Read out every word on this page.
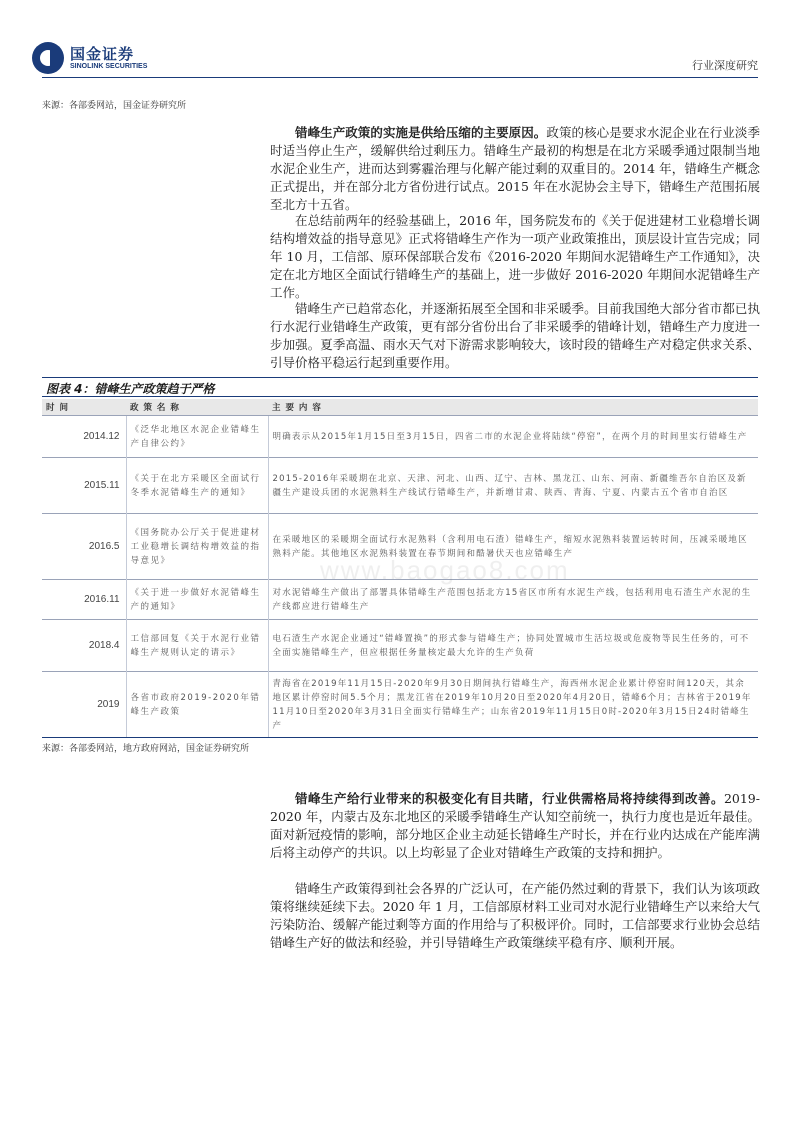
国金证券
SINOLINK SECURITIES	行业深度研究
来源：各部委网站，国金证券研究所

错峰生产政策的实施是供给压缩的主要原因。政策的核心是要求水泥企业在行业淡季时适当停止生产，缓解供给过剩压力。错峰生产最初的构想是在北方采暖季通过限制当地水泥企业生产，进而达到雾霾治理与化解产能过剩的双重目的。2014 年，错峰生产概念正式提出，并在部分北方省份进行试点。2015 年在水泥协会主导下，错峰生产范围拓展至北方十五省。

在总结前两年的经验基础上，2016 年，国务院发布的《关于促进建材工业稳增长调结构增效益的指导意见》正式将错峰生产作为一项产业政策推出，顶层设计宣告完成；同年 10 月，工信部、原环保部联合发布《2016-2020 年期间水泥错峰生产工作通知》，决定在北方地区全面试行错峰生产的基础上，进一步做好 2016-2020 年期间水泥错峰生产工作。

错峰生产已趋常态化，并逐渐拓展至全国和非采暖季。目前我国绝大部分省市都已执行水泥行业错峰生产政策，更有部分省份出台了非采暖季的错峰计划，错峰生产力度进一步加强。夏季高温、雨水天气对下游需求影响较大，该时段的错峰生产对稳定供求关系、引导价格平稳运行起到重要作用。

图表 4：错峰生产政策趋于严格
时 间	政 策 名 称	主 要 内 容
2014.12	《泛华北地区水泥企业错峰生产自律公约》	明确表示从2015年1月15日至3月15日，四省二市的水泥企业将陆续“停窑”，在两个月的时间里实行错峰生产
2015.11	《关于在北方采暖区全面试行冬季水泥错峰生产的通知》	2015-2016年采暖期在北京、天津、河北、山西、辽宁、吉林、黑龙江、山东、河南、新疆维吾尔自治区及新疆生产建设兵团的水泥熟料生产线试行错峰生产，并新增甘肃、陕西、青海、宁夏、内蒙古五个省市自治区
2016.5	《国务院办公厅关于促进建材工业稳增长调结构增效益的指导意见》	在采暖地区的采暖期全面试行水泥熟料（含利用电石渣）错峰生产，缩短水泥熟料装置运转时间，压减采暖地区熟料产能。其他地区水泥熟料装置在春节期间和酷暑伏天也应错峰生产
2016.11	《关于进一步做好水泥错峰生产的通知》	对水泥错峰生产做出了部署具体错峰生产范围包括北方15省区市所有水泥生产线，包括利用电石渣生产水泥的生产线都应进行错峰生产
2018.4	工信部回复《关于水泥行业错峰生产规则认定的请示》	电石渣生产水泥企业通过“错峰置换”的形式参与错峰生产；协同处置城市生活垃圾或危废物等民生任务的，可不全面实施错峰生产，但应根据任务量核定最大允许的生产负荷
2019	各省市政府2019-2020年错峰生产政策	青海省在2019年11月15日-2020年9月30日期间执行错峰生产，海西州水泥企业累计停窑时间120天，其余地区累计停窑时间5.5个月；黑龙江省在2019年10月20日至2020年4月20日，错峰6个月；吉林省于2019年11月10日至2020年3月31日全面实行错峰生产；山东省2019年11月15日0时-2020年3月15日24时错峰生产
www.baogao8.com
来源：各部委网站，地方政府网站，国金证券研究所

错峰生产给行业带来的积极变化有目共睹，行业供需格局将持续得到改善。2019-2020 年，内蒙古及东北地区的采暖季错峰生产认知空前统一，执行力度也是近年最佳。面对新冠疫情的影响，部分地区企业主动延长错峰生产时长，并在行业内达成在产能库满后将主动停产的共识。以上均彰显了企业对错峰生产政策的支持和拥护。

错峰生产政策得到社会各界的广泛认可，在产能仍然过剩的背景下，我们认为该项政策将继续延续下去。2020 年 1 月，工信部原材料工业司对水泥行业错峰生产以来给大气污染防治、缓解产能过剩等方面的作用给与了积极评价。同时，工信部要求行业协会总结错峰生产好的做法和经验，并引导错峰生产政策继续平稳有序、顺利开展。
